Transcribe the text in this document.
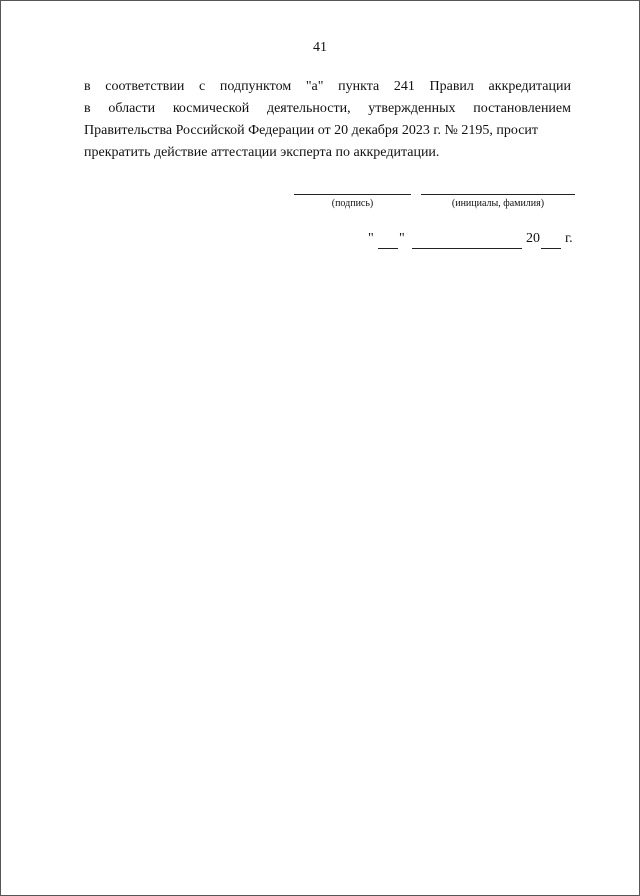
41
в соответствии с подпунктом "а" пункта 241 Правил аккредитации
в области космической деятельности, утвержденных постановлением
Правительства Российской Федерации от 20 декабря 2023 г. № 2195, просит
прекратить действие аттестации эксперта по аккредитации.
(подпись)	(инициалы, фамилия)
" "	20 г.
